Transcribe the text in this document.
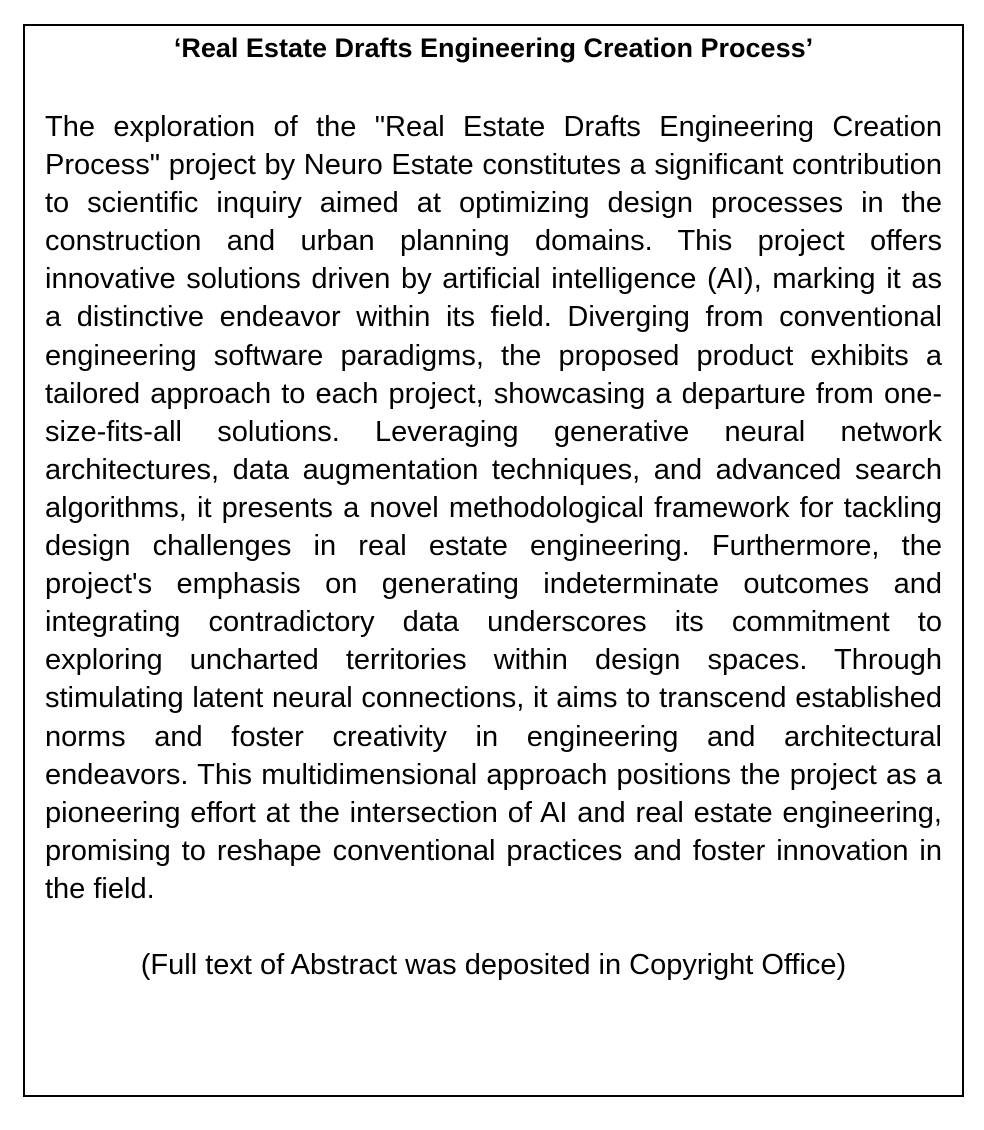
‘Real Estate Drafts Engineering Creation Process’

The exploration of the "Real Estate Drafts Engineering Creation Process" project by Neuro Estate constitutes a significant contribution to scientific inquiry aimed at optimizing design processes in the construction and urban planning domains. This project offers innovative solutions driven by artificial intelligence (AI), marking it as a distinctive endeavor within its field. Diverging from conventional engineering software paradigms, the proposed product exhibits a tailored approach to each project, showcasing a departure from one-size-fits-all solutions. Leveraging generative neural network architectures, data augmentation techniques, and advanced search algorithms, it presents a novel methodological framework for tackling design challenges in real estate engineering. Furthermore, the project's emphasis on generating indeterminate outcomes and integrating contradictory data underscores its commitment to exploring uncharted territories within design spaces. Through stimulating latent neural connections, it aims to transcend established norms and foster creativity in engineering and architectural endeavors. This multidimensional approach positions the project as a pioneering effort at the intersection of AI and real estate engineering, promising to reshape conventional practices and foster innovation in the field.

(Full text of Abstract was deposited in Copyright Office)
